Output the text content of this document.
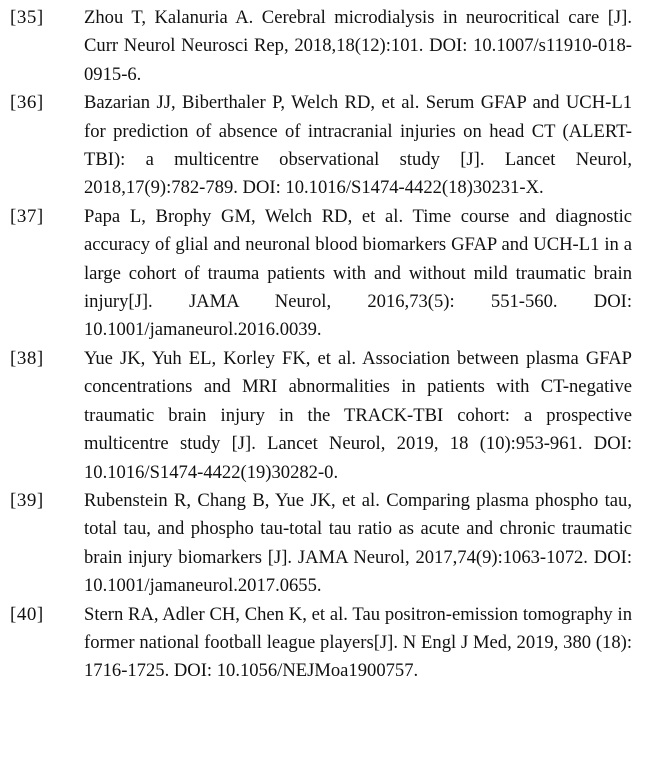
[35] Zhou T, Kalanuria A. Cerebral microdialysis in neurocritical care [J]. Curr Neurol Neurosci Rep, 2018,18(12):101. DOI: 10.1007/s11910-018-0915-6.

[36] Bazarian JJ, Biberthaler P, Welch RD, et al. Serum GFAP and UCH-L1 for prediction of absence of intracranial injuries on head CT (ALERT-TBI): a multicentre observational study [J]. Lancet Neurol, 2018,17(9):782-789. DOI: 10.1016/S1474-4422(18)30231-X.

[37] Papa L, Brophy GM, Welch RD, et al. Time course and diagnostic accuracy of glial and neuronal blood biomarkers GFAP and UCH-L1 in a large cohort of trauma patients with and without mild traumatic brain injury[J]. JAMA Neurol, 2016,73(5): 551-560. DOI: 10.1001/jamaneurol.2016.0039.

[38] Yue JK, Yuh EL, Korley FK, et al. Association between plasma GFAP concentrations and MRI abnormalities in patients with CT-negative traumatic brain injury in the TRACK-TBI cohort: a prospective multicentre study [J]. Lancet Neurol, 2019, 18 (10):953-961. DOI: 10.1016/S1474-4422(19)30282-0.

[39] Rubenstein R, Chang B, Yue JK, et al. Comparing plasma phospho tau, total tau, and phospho tau-total tau ratio as acute and chronic traumatic brain injury biomarkers [J]. JAMA Neurol, 2017,74(9):1063-1072. DOI: 10.1001/jamaneurol.2017.0655.

[40] Stern RA, Adler CH, Chen K, et al. Tau positron-emission tomography in former national football league players[J]. N Engl J Med, 2019, 380 (18): 1716-1725. DOI: 10.1056/NEJMoa1900757.
